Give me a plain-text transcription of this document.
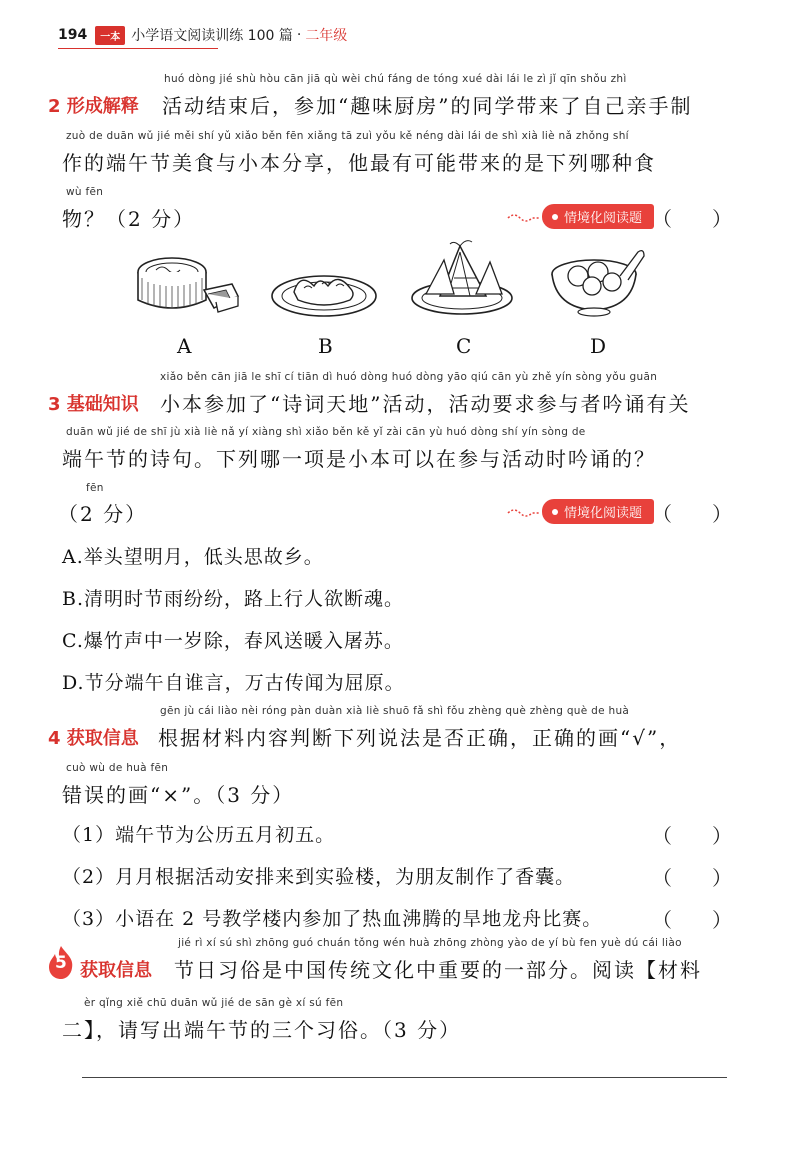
194	一本 小学语文阅读训练 100 篇 · 二年级
2 形成解释
huó dòng jié shù hòu cān jiā qù wèi chú fáng de tóng xué dài lái le zì jǐ qīn shǒu zhì
活动结束后，参加“趣味厨房”的同学带来了自己亲手制
zuò de duān wǔ jié měi shí yǔ xiǎo běn fēn xiǎng tā zuì yǒu kě néng dài lái de shì xià liè nǎ zhǒng shí
作的端午节美食与小本分享，他最有可能带来的是下列哪种食
wù fēn
物？（2 分）	情境化阅读题 （　　）
A	B	C	D
3 基础知识
xiǎo běn cān jiā le shī cí tiān dì huó dòng huó dòng yāo qiú cān yù zhě yín sòng yǒu guān
小本参加了“诗词天地”活动，活动要求参与者吟诵有关
duān wǔ jié de shī jù xià liè nǎ yí xiàng shì xiǎo běn kě yǐ zài cān yù huó dòng shí yín sòng de
端午节的诗句。下列哪一项是小本可以在参与活动时吟诵的？
fēn
（2 分）	情境化阅读题 （　　）
A.举头望明月，低头思故乡。
B.清明时节雨纷纷，路上行人欲断魂。
C.爆竹声中一岁除，春风送暖入屠苏。
D.节分端午自谁言，万古传闻为屈原。
4 获取信息
gēn jù cái liào nèi róng pàn duàn xià liè shuō fǎ shì fǒu zhèng què zhèng què de huà
根据材料内容判断下列说法是否正确，正确的画“√”，
cuò wù de huà fēn
错误的画“×”。（3 分）
（1）端午节为公历五月初五。	（　　）
（2）月月根据活动安排来到实验楼，为朋友制作了香囊。	（　　）
（3）小语在 2 号教学楼内参加了热血沸腾的旱地龙舟比赛。 （　　）
5 获取信息
jié rì xí sú shì zhōng guó chuán tǒng wén huà zhōng zhòng yào de yí bù fen yuè dú cái liào
节日习俗是中国传统文化中重要的一部分。阅读【材料
èr qǐng xiě chū duān wǔ jié de sān gè xí sú fēn
二】，请写出端午节的三个习俗。（3 分）
